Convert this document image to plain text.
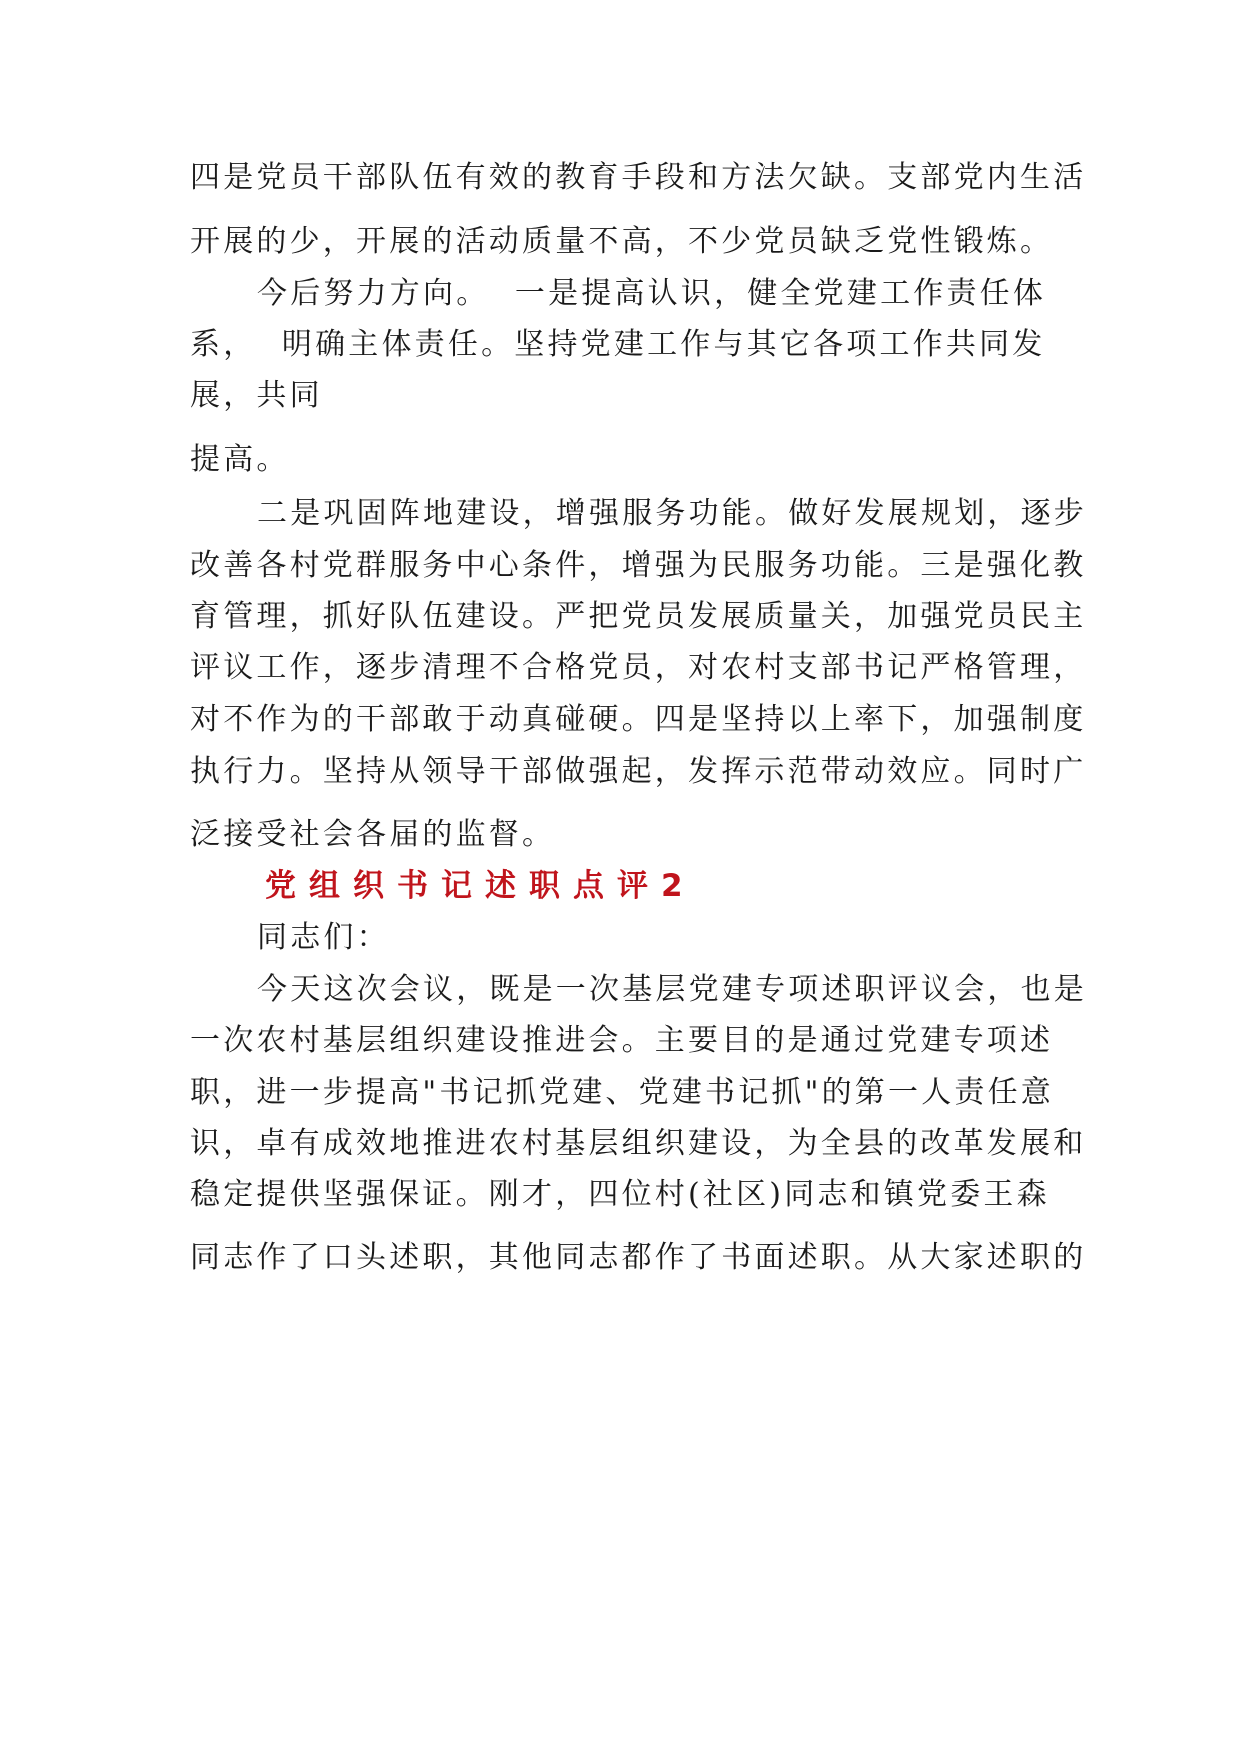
四是党员干部队伍有效的教育手段和方法欠缺。支部党内生活
开展的少，开展的活动质量不高，不少党员缺乏党性锻炼。
今后努力方向。  一是提高认识，健全党建工作责任体
系，  明确主体责任。坚持党建工作与其它各项工作共同发
展，共同
提高。
二是巩固阵地建设，增强服务功能。做好发展规划，逐步
改善各村党群服务中心条件，增强为民服务功能。三是强化教
育管理，抓好队伍建设。严把党员发展质量关，加强党员民主
评议工作，逐步清理不合格党员，对农村支部书记严格管理，
对不作为的干部敢于动真碰硬。四是坚持以上率下，加强制度
执行力。坚持从领导干部做强起，发挥示范带动效应。同时广
泛接受社会各届的监督。
党组织书记述职点评2
同志们：
今天这次会议，既是一次基层党建专项述职评议会，也是
一次农村基层组织建设推进会。主要目的是通过党建专项述
职，进一步提高"书记抓党建、党建书记抓"的第一人责任意
识，卓有成效地推进农村基层组织建设，为全县的改革发展和
稳定提供坚强保证。刚才，四位村(社区)同志和镇党委王森
同志作了口头述职，其他同志都作了书面述职。从大家述职的
